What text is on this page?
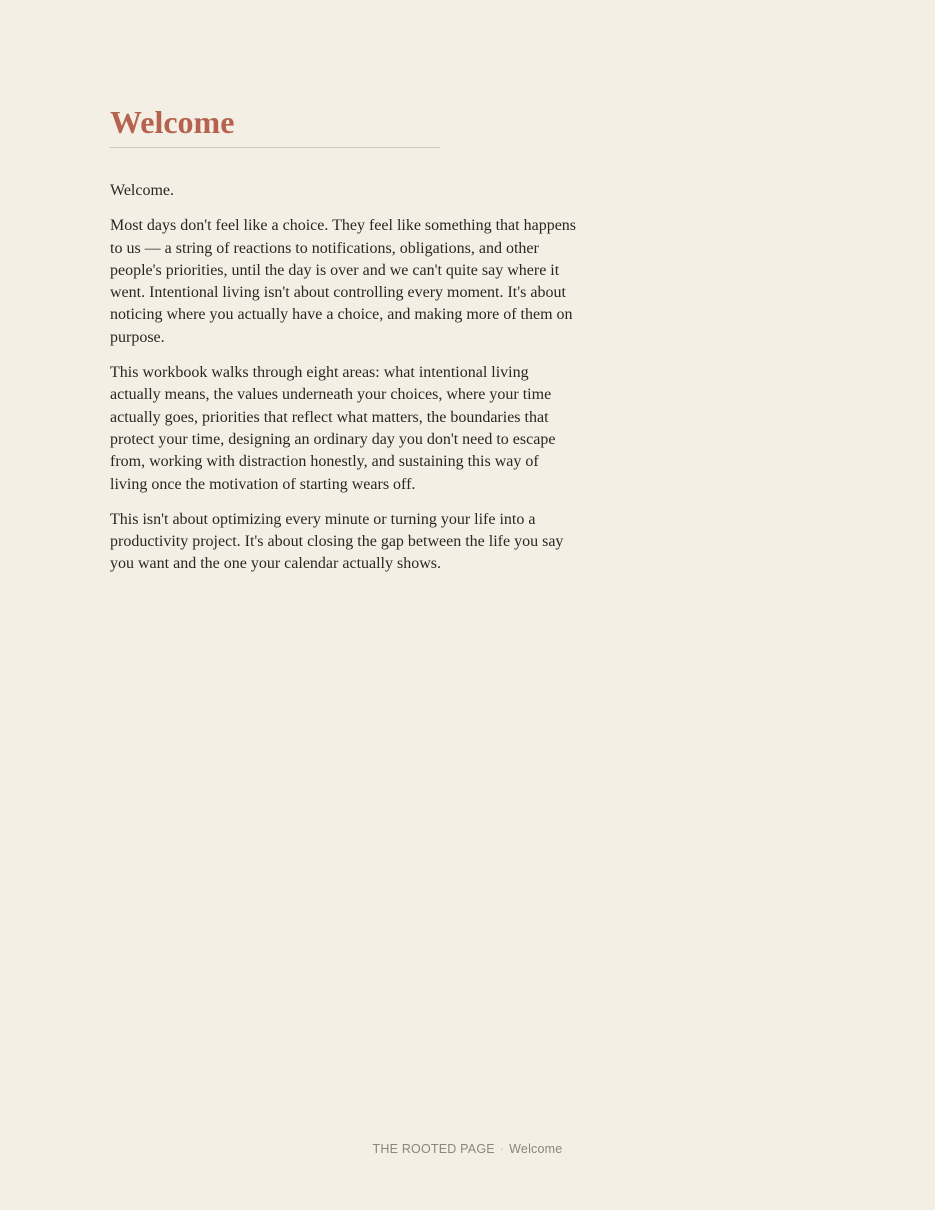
Welcome

Welcome.

Most days don't feel like a choice. They feel like something that happens to us — a string of reactions to notifications, obligations, and other people's priorities, until the day is over and we can't quite say where it went. Intentional living isn't about controlling every moment. It's about noticing where you actually have a choice, and making more of them on purpose.

This workbook walks through eight areas: what intentional living actually means, the values underneath your choices, where your time actually goes, priorities that reflect what matters, the boundaries that protect your time, designing an ordinary day you don't need to escape from, working with distraction honestly, and sustaining this way of living once the motivation of starting wears off.

This isn't about optimizing every minute or turning your life into a productivity project. It's about closing the gap between the life you say you want and the one your calendar actually shows.

THE ROOTED PAGE · Welcome
